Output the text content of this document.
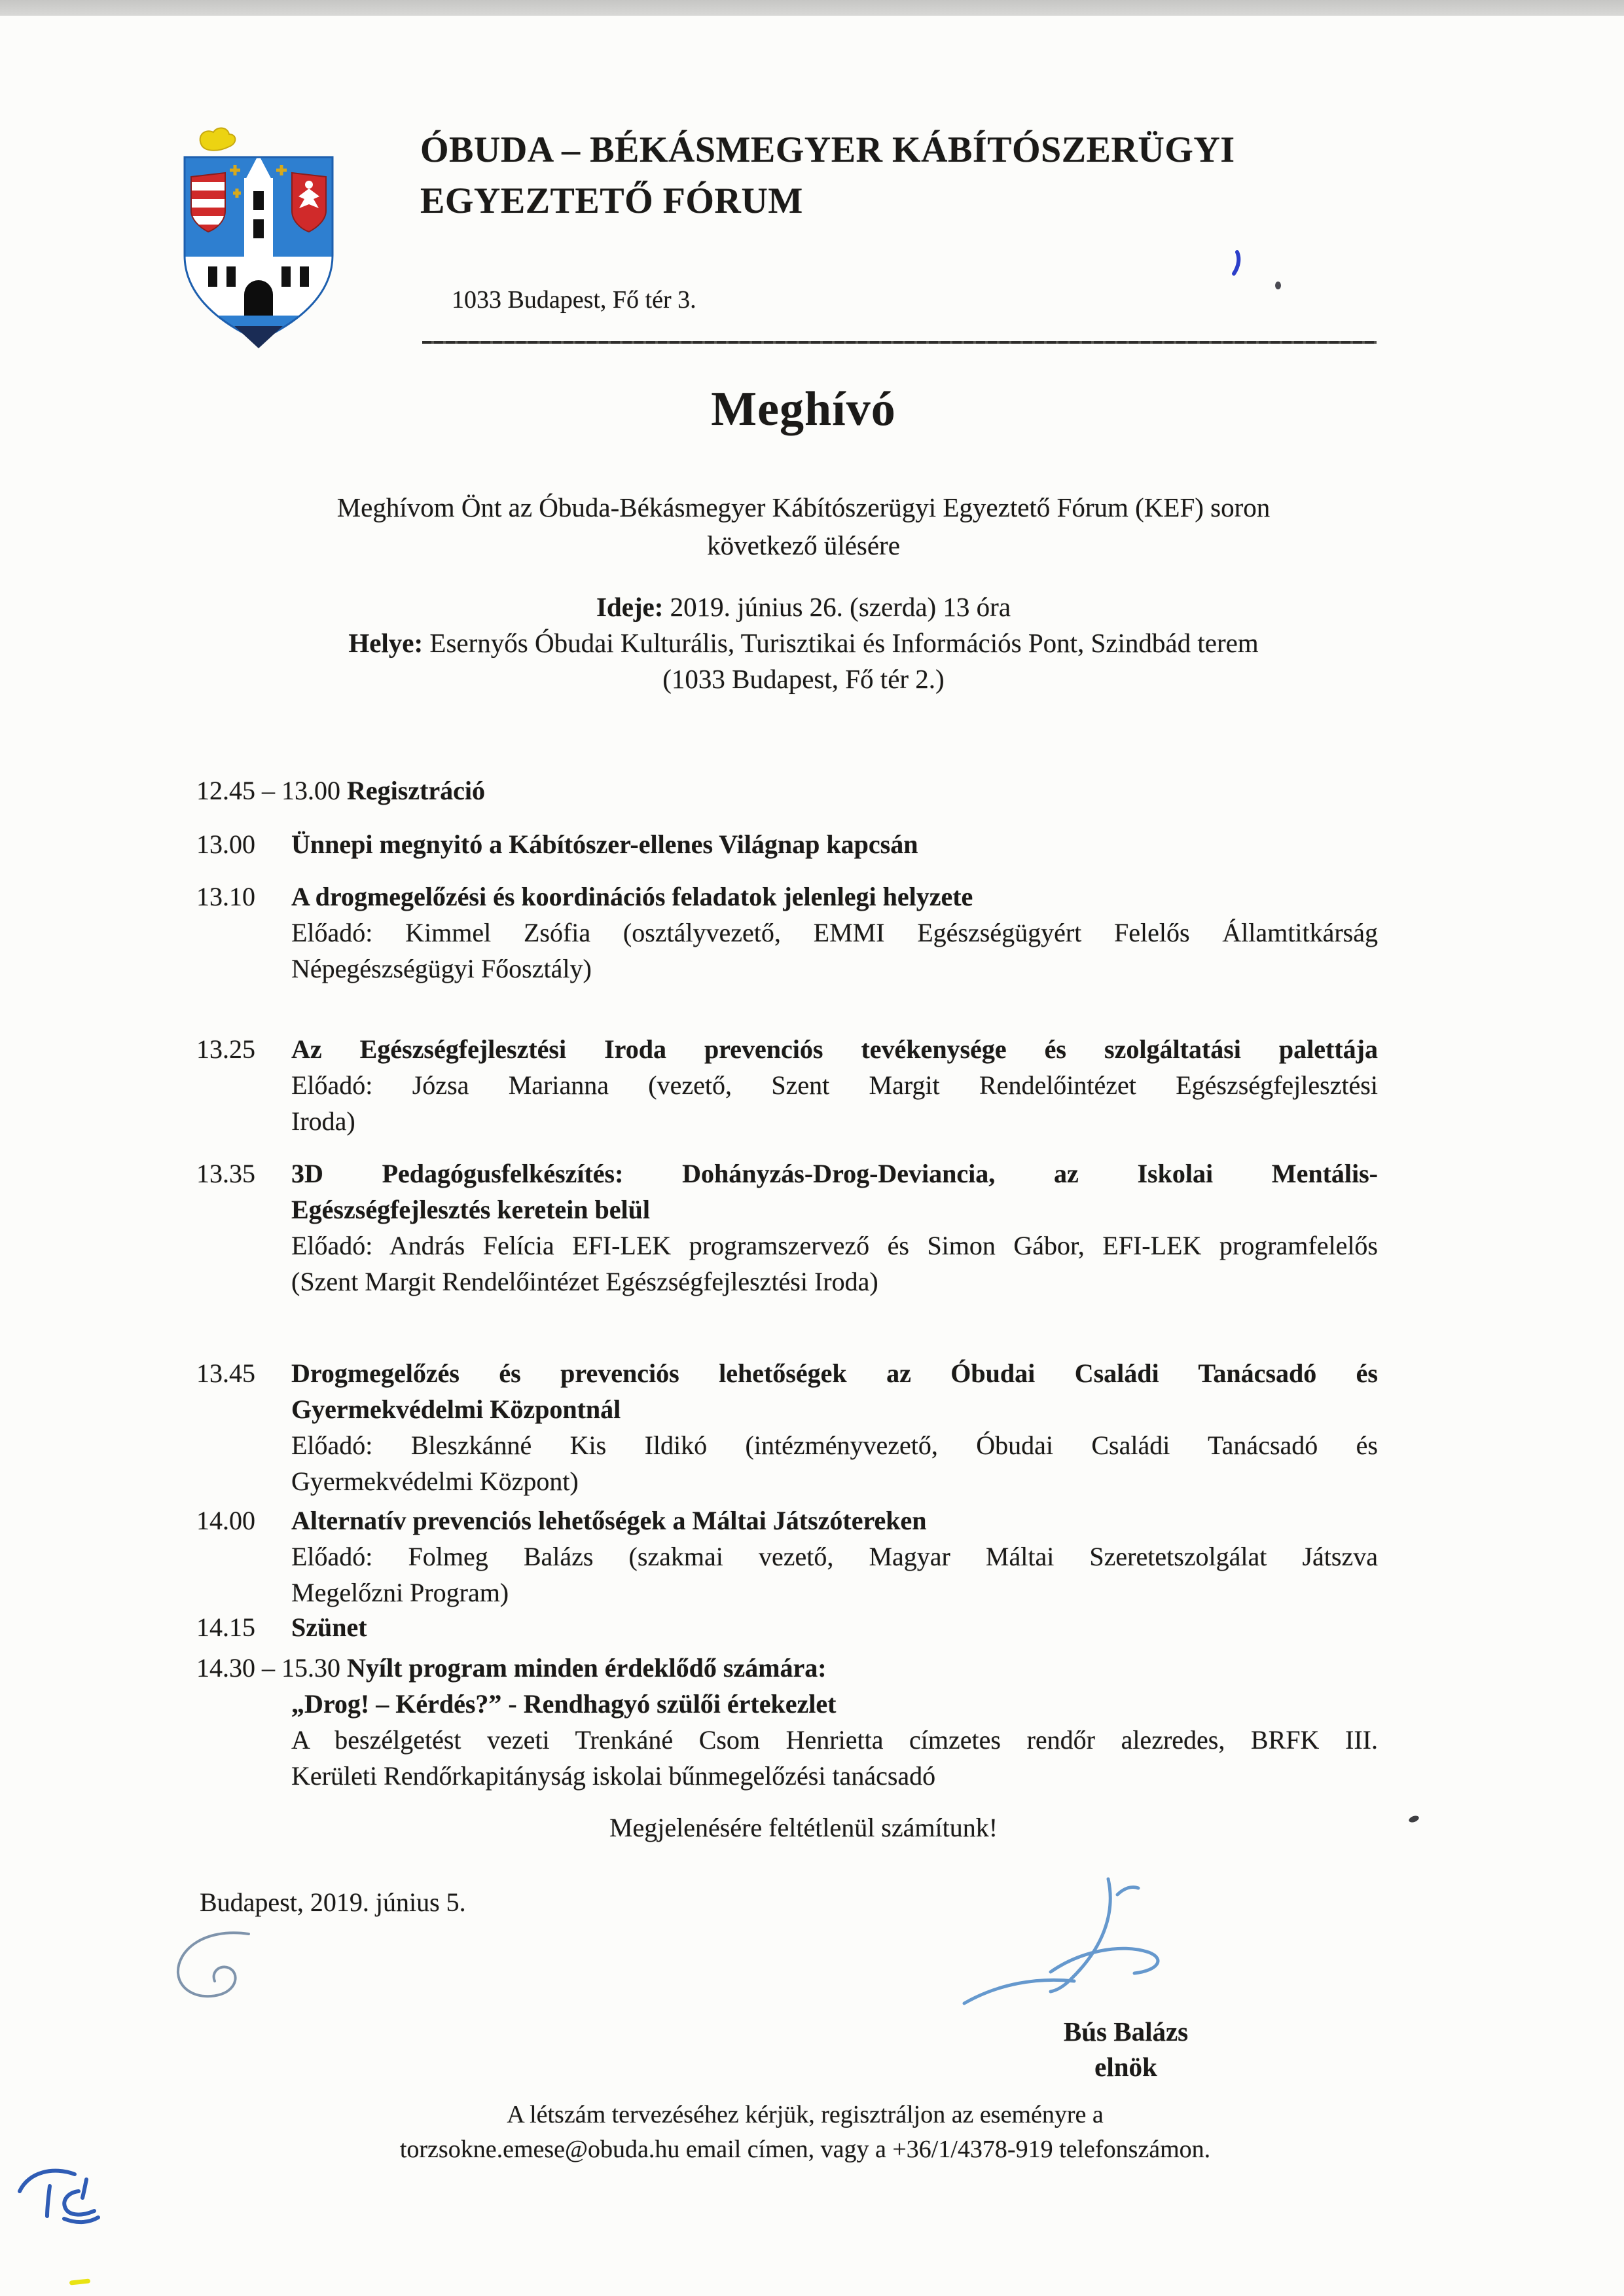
ÓBUDA – BÉKÁSMEGYER KÁBÍTÓSZERÜGYI
EGYEZTETŐ FÓRUM
1033 Budapest, Fő tér 3.
Meghívó
Meghívom Önt az Óbuda-Békásmegyer Kábítószerügyi Egyeztető Fórum (KEF) soron
következő ülésére
Ideje: 2019. június 26. (szerda) 13 óra
Helye: Esernyős Óbudai Kulturális, Turisztikai és Információs Pont, Szindbád terem
(1033 Budapest, Fő tér 2.)
12.45 – 13.00 Regisztráció
13.00 Ünnepi megnyitó a Kábítószer-ellenes Világnap kapcsán
13.10 A drogmegelőzési és koordinációs feladatok jelenlegi helyzete
Előadó: Kimmel Zsófia (osztályvezető, EMMI Egészségügyért Felelős Államtitkárság
Népegészségügyi Főosztály)
13.25 Az Egészségfejlesztési Iroda prevenciós tevékenysége és szolgáltatási palettája
Előadó: Józsa Marianna (vezető, Szent Margit Rendelőintézet Egészségfejlesztési
Iroda)
13.35 3D Pedagógusfelkészítés: Dohányzás-Drog-Deviancia, az Iskolai Mentális-
Egészségfejlesztés keretein belül
Előadó: András Felícia EFI-LEK programszervező és Simon Gábor, EFI-LEK programfelelős
(Szent Margit Rendelőintézet Egészségfejlesztési Iroda)
13.45 Drogmegelőzés és prevenciós lehetőségek az Óbudai Családi Tanácsadó és
Gyermekvédelmi Központnál
Előadó: Bleszkánné Kis Ildikó (intézményvezető, Óbudai Családi Tanácsadó és
Gyermekvédelmi Központ)
14.00 Alternatív prevenciós lehetőségek a Máltai Játszótereken
Előadó: Folmeg Balázs (szakmai vezető, Magyar Máltai Szeretetszolgálat Játszva
Megelőzni Program)
14.15 Szünet
14.30 – 15.30 Nyílt program minden érdeklődő számára:
„Drog! – Kérdés?” - Rendhagyó szülői értekezlet
A beszélgetést vezeti Trenkáné Csom Henrietta címzetes rendőr alezredes, BRFK III.
Kerületi Rendőrkapitányság iskolai bűnmegelőzési tanácsadó
Megjelenésére feltétlenül számítunk!
Budapest, 2019. június 5.
Bús Balázs
elnök
A létszám tervezéséhez kérjük, regisztráljon az eseményre a
torzsokne.emese@obuda.hu email címen, vagy a +36/1/4378-919 telefonszámon.
